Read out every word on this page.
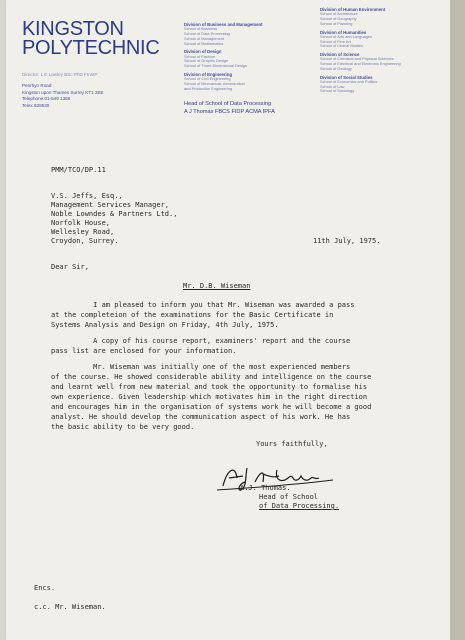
KINGSTON
POLYTECHNIC
Director: L E Lawley BSc PhD FInstP
Penrhyn Road
Kingston upon Thames Surrey KT1 2EE
Telephone 01-549 1366
Telex 928530
Division of Business and Management
School of Business
School of Data Processing
School of Management
School of Mathematics
Division of Design
School of Fashion
School of Graphic Design
School of Three Dimensional Design
Division of Engineering
School of Civil Engineering
School of Mechanical, Aeronautical
and Production Engineering
Division of Human Environment
School of Architecture
School of Geography
School of Planning
Division of Humanities
School of Arts and Languages
School of Fine Art
School of Liberal Studies
Division of Science
School of Chemical and Physical Sciences
School of Electrical and Electronic Engineering
School of Geology
Division of Social Studies
School of Economics and Politics
School of Law
School of Sociology
Head of School of Data Processing
A J Thomas FBCS FIDP ACMA IPFA
PMM/TCO/DP.11
V.S. Jeffs, Esq.,
Management Services Manager,
Noble Lowndes & Partners Ltd.,
Norfolk House,
Wellesley Road,
Croydon, Surrey.	11th July, 1975.
Dear Sir,
Mr. D.B. Wiseman
I am pleased to inform you that Mr. Wiseman was awarded a pass
at the completeion of the examinations for the Basic Certificate in
Systems Analysis and Design on Friday, 4th July, 1975.
A copy of his course report, examiners' report and the course
pass list are enclosed for your information.
Mr. Wiseman was initially one of the most experienced members
of the course. He showed considerable ability and intelligence on the course
and learnt well from new material and took the opportunity to formalise his
own experience. Given leadership which motivates him in the right direction
and encourages him in the organisation of systems work he will become a good
analyst. He should develop the communication aspect of his work. He has
the basic ability to be very good.
Yours faithfully,
A.J. Thomas.
Head of School
of Data Processing.
Encs.
c.c. Mr. Wiseman.
